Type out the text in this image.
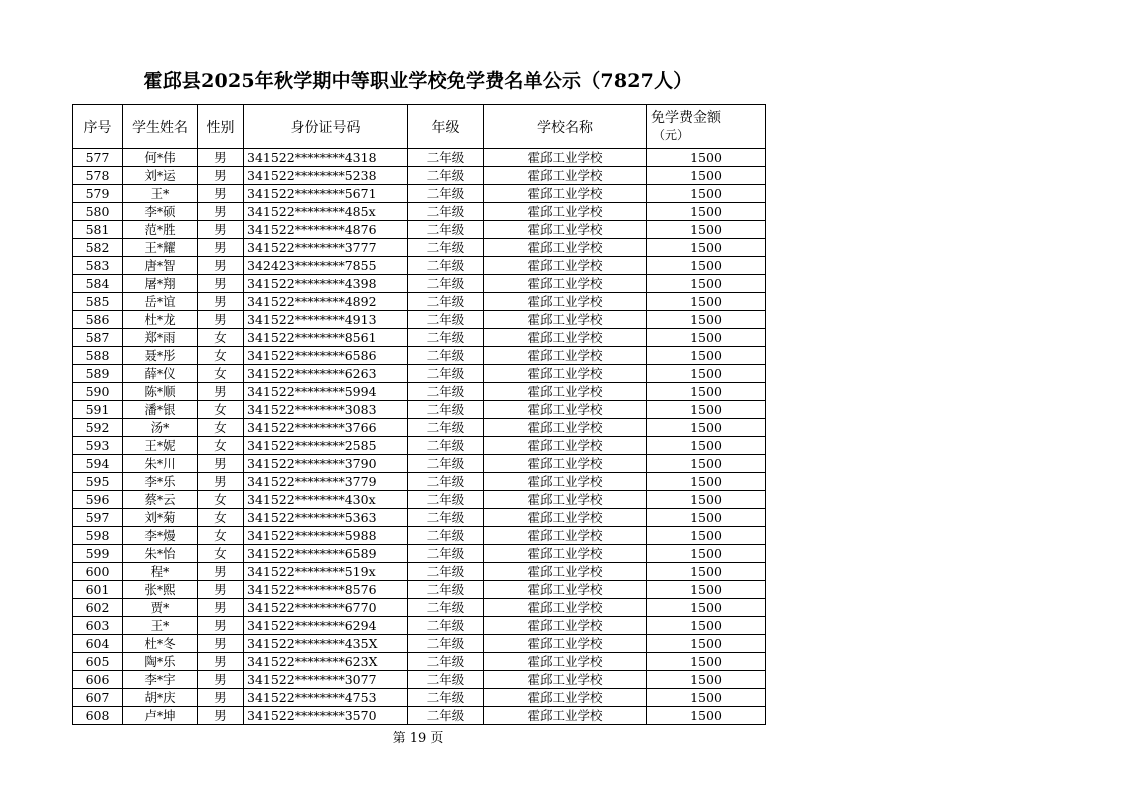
霍邱县2025年秋学期中等职业学校免学费名单公示（7827人）
序号	学生姓名	性别	身份证号码	年级	学校名称	免学费金额
（元）

577	何*伟	男	341522********4318	二年级	霍邱工业学校	1500
578	刘*运	男	341522********5238	二年级	霍邱工业学校	1500
579	王*	男	341522********5671	二年级	霍邱工业学校	1500
580	李*硕	男	341522********485x	二年级	霍邱工业学校	1500
581	范*胜	男	341522********4876	二年级	霍邱工业学校	1500
582	王*耀	男	341522********3777	二年级	霍邱工业学校	1500
583	唐*智	男	342423********7855	二年级	霍邱工业学校	1500
584	屠*翔	男	341522********4398	二年级	霍邱工业学校	1500
585	岳*谊	男	341522********4892	二年级	霍邱工业学校	1500
586	杜*龙	男	341522********4913	二年级	霍邱工业学校	1500
587	郑*雨	女	341522********8561	二年级	霍邱工业学校	1500
588	聂*彤	女	341522********6586	二年级	霍邱工业学校	1500
589	薛*仪	女	341522********6263	二年级	霍邱工业学校	1500
590	陈*顺	男	341522********5994	二年级	霍邱工业学校	1500
591	潘*银	女	341522********3083	二年级	霍邱工业学校	1500
592	汤*	女	341522********3766	二年级	霍邱工业学校	1500
593	王*妮	女	341522********2585	二年级	霍邱工业学校	1500
594	朱*川	男	341522********3790	二年级	霍邱工业学校	1500
595	李*乐	男	341522********3779	二年级	霍邱工业学校	1500
596	蔡*云	女	341522********430x	二年级	霍邱工业学校	1500
597	刘*菊	女	341522********5363	二年级	霍邱工业学校	1500
598	李*熳	女	341522********5988	二年级	霍邱工业学校	1500
599	朱*怡	女	341522********6589	二年级	霍邱工业学校	1500
600	程*	男	341522********519x	二年级	霍邱工业学校	1500
601	张*熙	男	341522********8576	二年级	霍邱工业学校	1500
602	贾*	男	341522********6770	二年级	霍邱工业学校	1500
603	王*	男	341522********6294	二年级	霍邱工业学校	1500
604	杜*冬	男	341522********435X	二年级	霍邱工业学校	1500
605	陶*乐	男	341522********623X	二年级	霍邱工业学校	1500
606	李*宇	男	341522********3077	二年级	霍邱工业学校	1500
607	胡*庆	男	341522********4753	二年级	霍邱工业学校	1500
608	卢*坤	男	341522********3570	二年级	霍邱工业学校	1500
第 19 页
